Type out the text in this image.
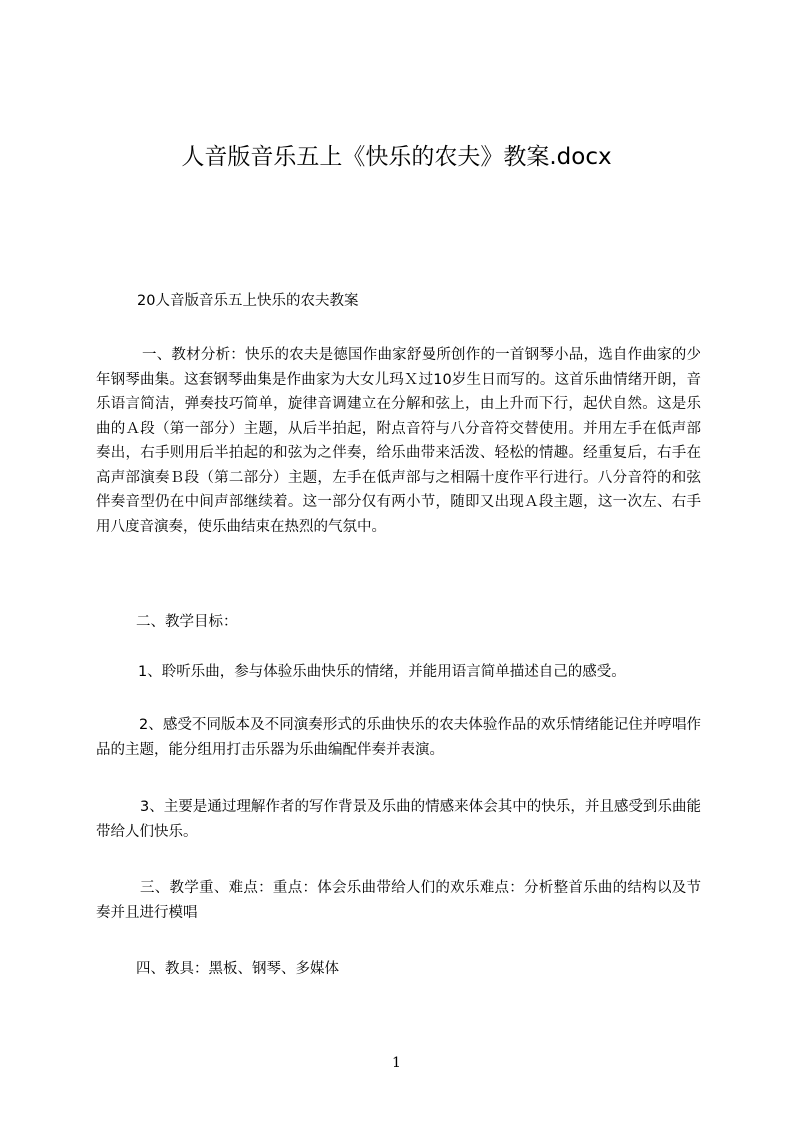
人音版音乐五上《快乐的农夫》教案.docx
20人音版音乐五上快乐的农夫教案

一、教材分析：快乐的农夫是德国作曲家舒曼所创作的一首钢琴小品，选自作曲家的少年钢琴曲集。这套钢琴曲集是作曲家为大女儿玛Ｘ过10岁生日而写的。这首乐曲情绪开朗，音乐语言简洁，弹奏技巧简单，旋律音调建立在分解和弦上，由上升而下行，起伏自然。这是乐曲的Ａ段（第一部分）主题，从后半拍起，附点音符与八分音符交替使用。并用左手在低声部奏出，右手则用后半拍起的和弦为之伴奏，给乐曲带来活泼、轻松的情趣。经重复后，右手在高声部演奏Ｂ段（第二部分）主题，左手在低声部与之相隔十度作平行进行。八分音符的和弦伴奏音型仍在中间声部继续着。这一部分仅有两小节，随即又出现Ａ段主题，这一次左、右手用八度音演奏，使乐曲结束在热烈的气氛中。

二、教学目标：

1、聆听乐曲，参与体验乐曲快乐的情绪，并能用语言简单描述自己的感受。

2、感受不同版本及不同演奏形式的乐曲快乐的农夫体验作品的欢乐情绪能记住并哼唱作品的主题，能分组用打击乐器为乐曲编配伴奏并表演。

3、主要是通过理解作者的写作背景及乐曲的情感来体会其中的快乐，并且感受到乐曲能带给人们快乐。

三、教学重、难点：重点：体会乐曲带给人们的欢乐难点：分析整首乐曲的结构以及节奏并且进行模唱

四、教具：黑板、钢琴、多媒体

1
